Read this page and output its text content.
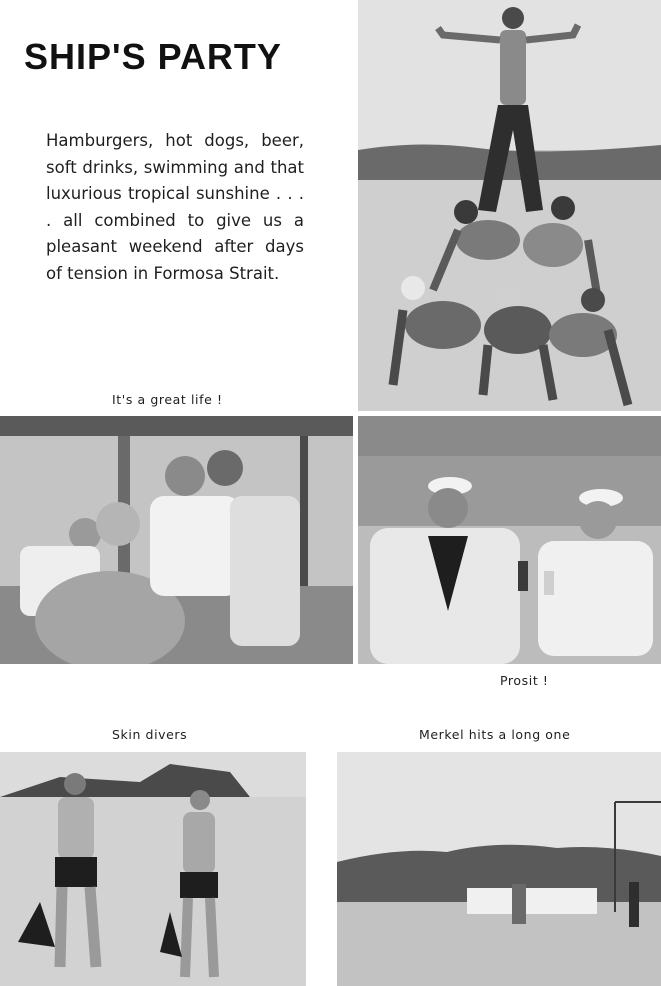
SHIP'S PARTY
Hamburgers, hot dogs, beer, soft drinks, swimming and that luxurious tropical sunshine . . . . all combined to give us a pleasant weekend after days of tension in Formosa Strait.
It's a great life !
Prosit !
Skin divers	Merkel hits a long one
